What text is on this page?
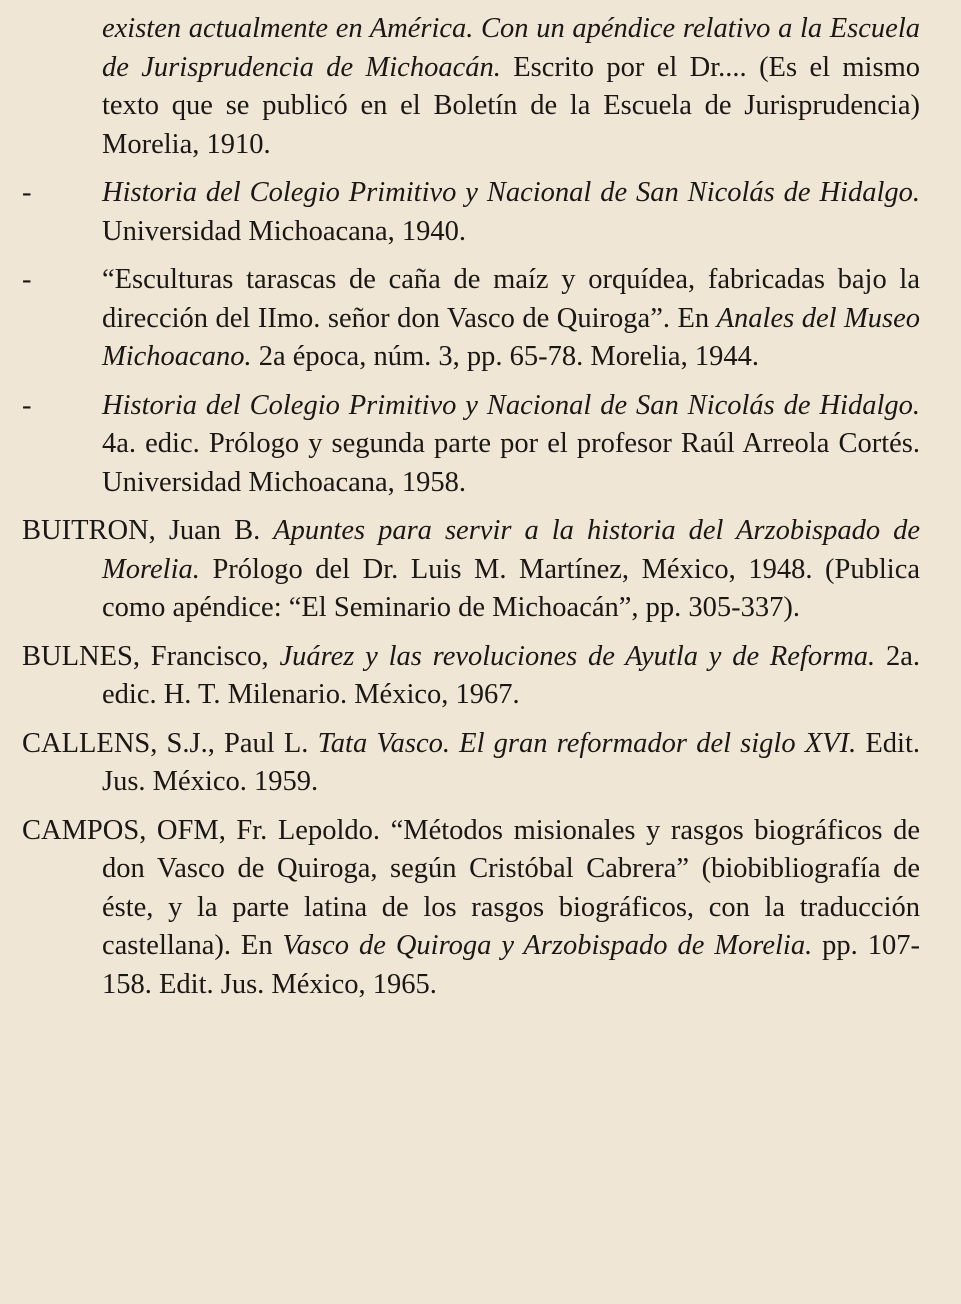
existen actualmente en América. Con un apéndice relativo a la Escuela de Jurisprudencia de Michoacán. Escrito por el Dr.... (Es el mismo texto que se publicó en el Boletín de la Escuela de Jurisprudencia) Morelia, 1910.

-	Historia del Colegio Primitivo y Nacional de San Nicolás de Hidalgo. Universidad Michoacana, 1940.

-	“Esculturas tarascas de caña de maíz y orquídea, fabricadas bajo la dirección del IImo. señor don Vasco de Quiroga”. En Anales del Museo Michoacano. 2a época, núm. 3, pp. 65-78. Morelia, 1944.

-	Historia del Colegio Primitivo y Nacional de San Nicolás de Hidalgo. 4a. edic. Prólogo y segunda parte por el profesor Raúl Arreola Cortés. Universidad Michoacana, 1958.

BUITRON, Juan B. Apuntes para servir a la historia del Arzobispado de Morelia. Prólogo del Dr. Luis M. Martínez, México, 1948. (Publica como apéndice: “El Seminario de Michoacán”, pp. 305-337).

BULNES, Francisco, Juárez y las revoluciones de Ayutla y de Reforma. 2a. edic. H. T. Milenario. México, 1967.

CALLENS, S.J., Paul L. Tata Vasco. El gran reformador del siglo XVI. Edit. Jus. México. 1959.

CAMPOS, OFM, Fr. Lepoldo. “Métodos misionales y rasgos biográficos de don Vasco de Quiroga, según Cristóbal Cabrera” (biobibliografía de éste, y la parte latina de los rasgos biográficos, con la traducción castellana). En Vasco de Quiroga y Arzobispado de Morelia. pp. 107-158. Edit. Jus. México, 1965.
